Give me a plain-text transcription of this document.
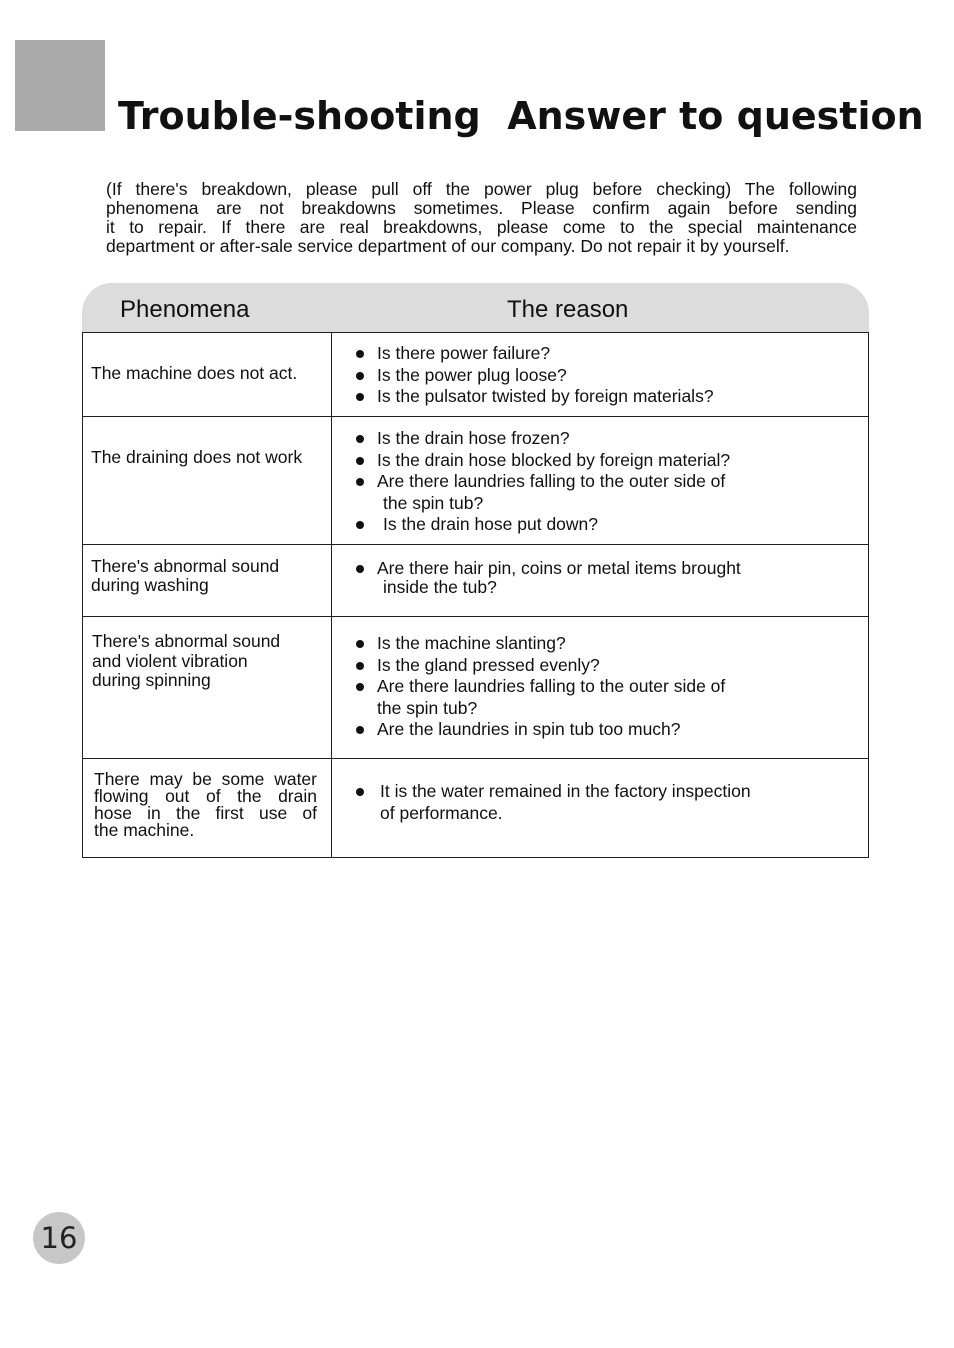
Trouble-shooting  Answer to question
(If there's breakdown, please pull off the power plug before checking) The following
phenomena are not breakdowns sometimes. Please confirm again before sending
it to repair. If there are real breakdowns, please come to the special maintenance
department or after-sale service department of our company. Do not repair it by yourself.
Phenomena	The reason
The machine does not act.
Is there power failure?
Is the power plug loose?
Is the pulsator twisted by foreign materials?
The draining does not work
Is the drain hose frozen?
Is the drain hose blocked by foreign material?
Are there laundries falling to the outer side of
the spin tub?
Is the drain hose put down?
There's abnormal sound
during washing
Are there hair pin, coins or metal items brought
inside the tub?
There's abnormal sound
and violent vibration
during spinning
Is the machine slanting?
Is the gland pressed evenly?
Are there laundries falling to the outer side of
the spin tub?
Are the laundries in spin tub too much?
There may be some water
flowing out of the drain
hose in the first use of
the machine.
It is the water remained in the factory inspection
of performance.
16
